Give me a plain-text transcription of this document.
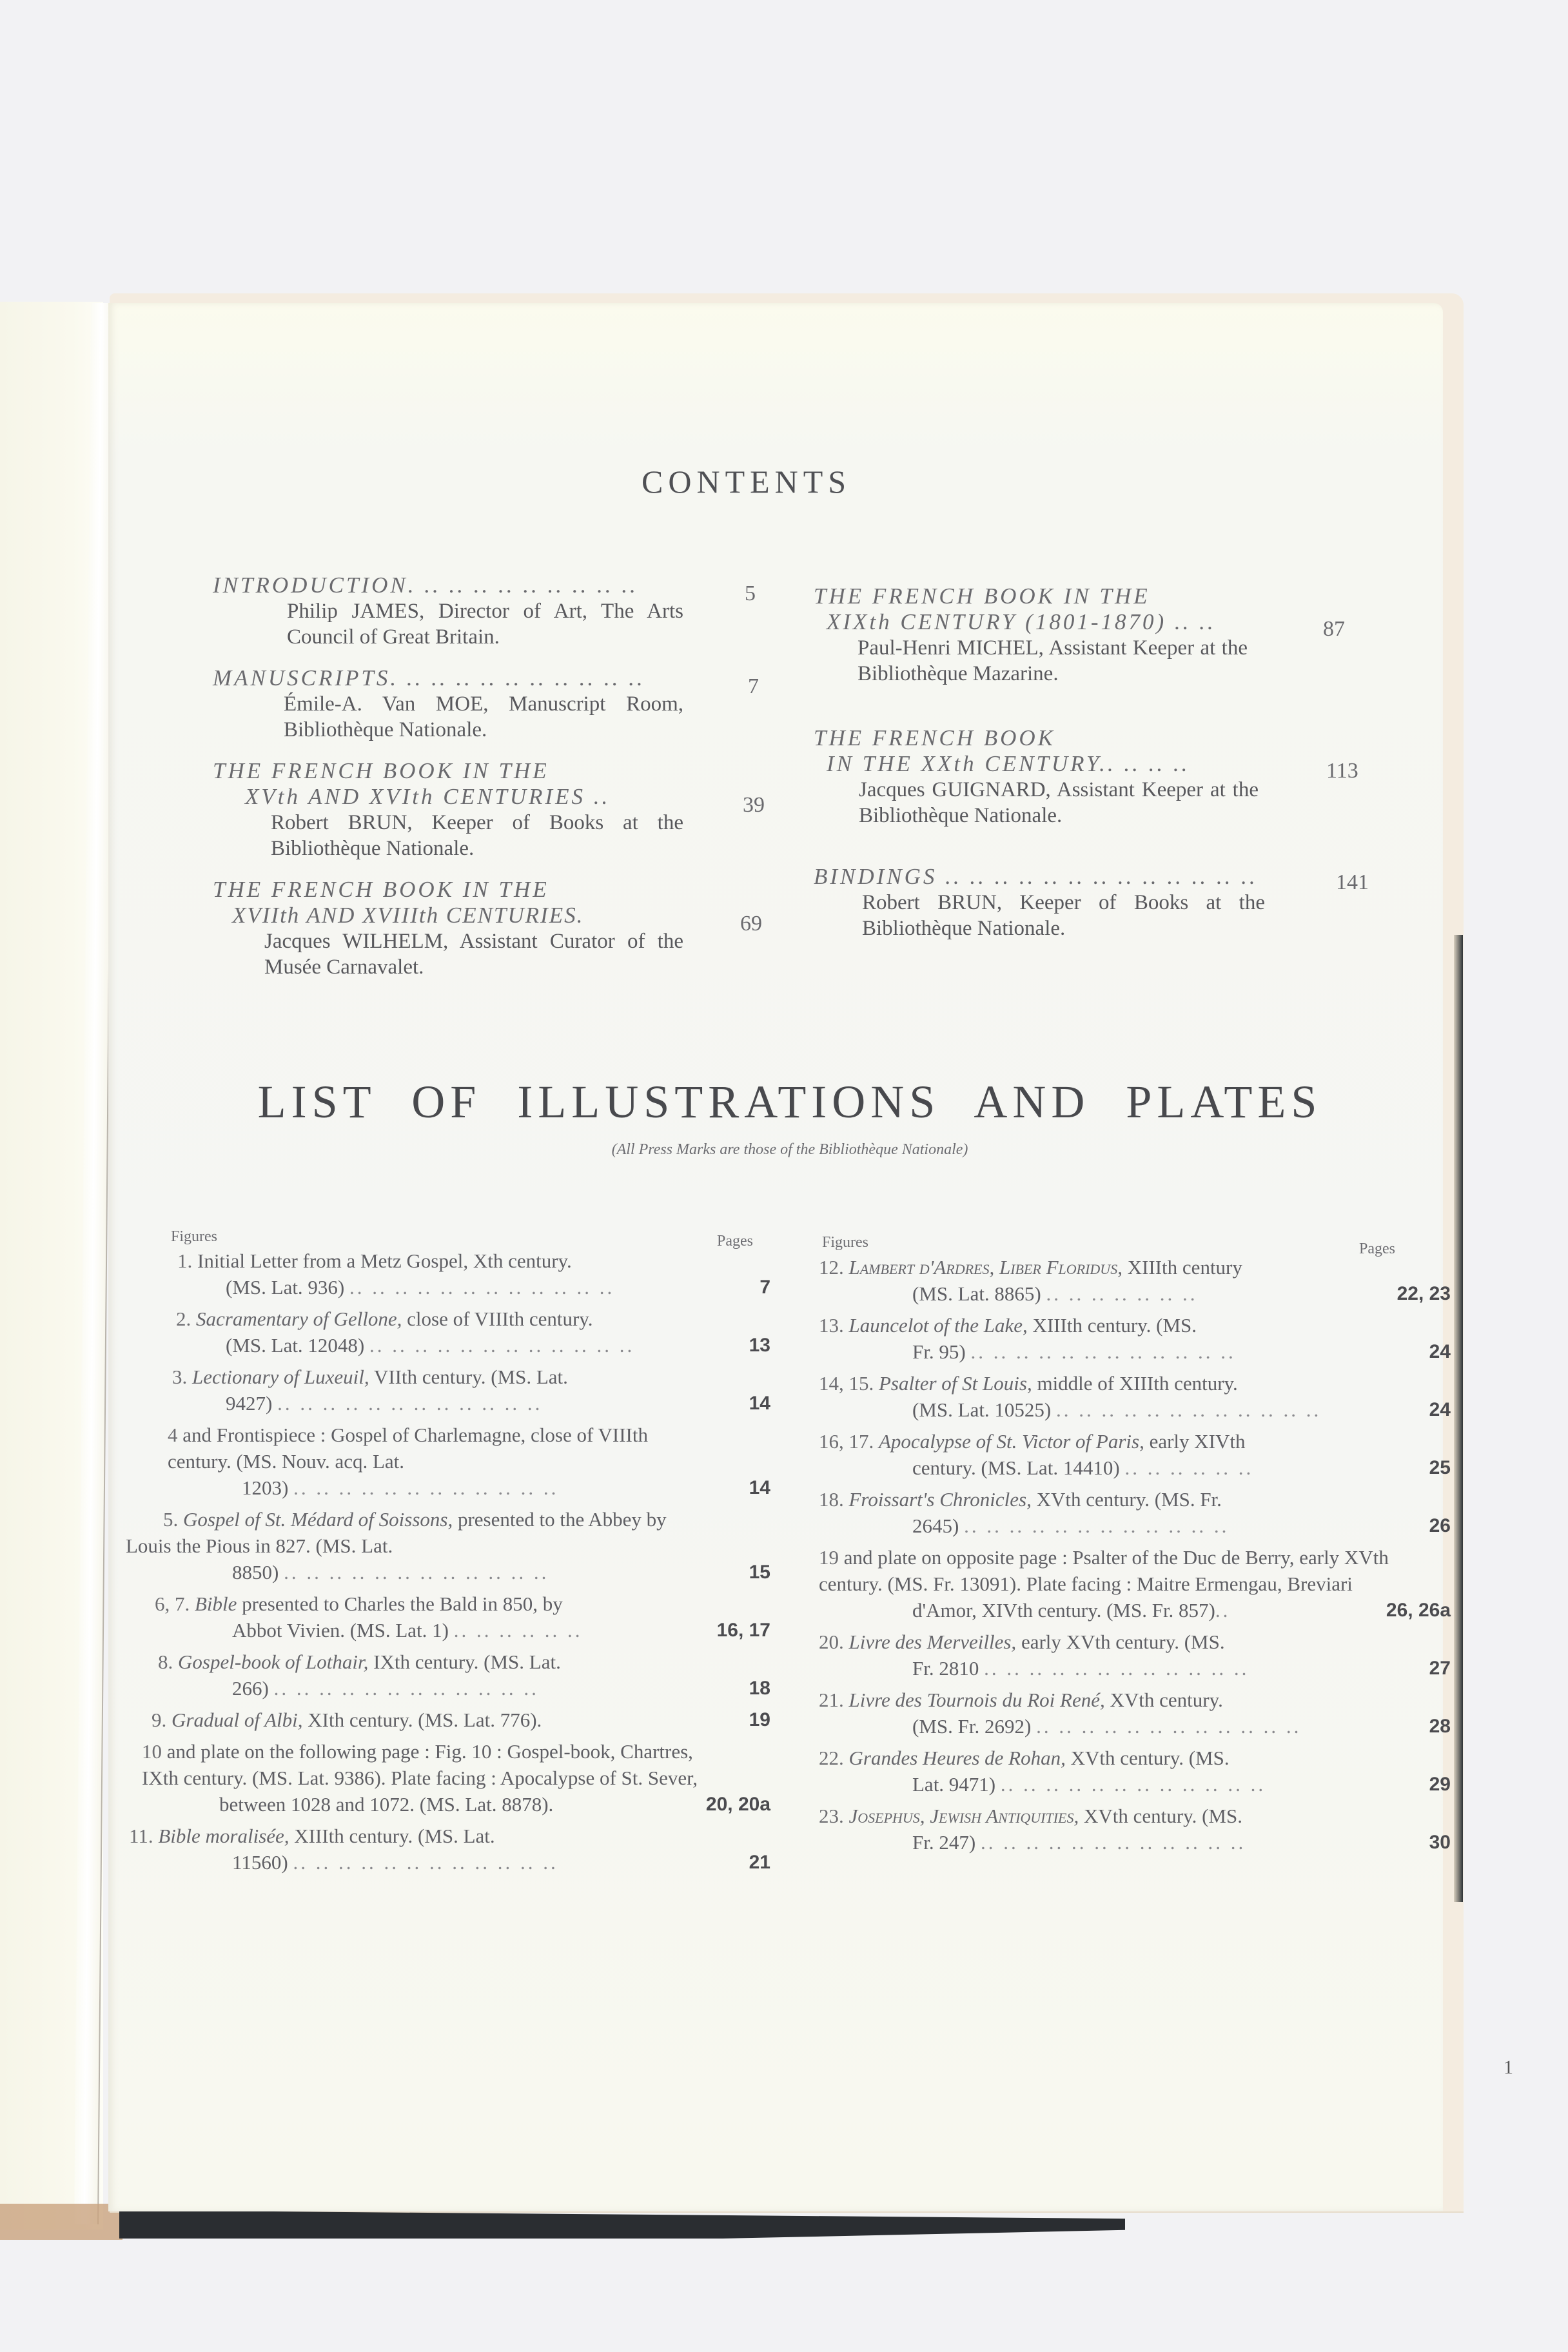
CONTENTS
INTRODUCTION. .. .. .. .. .. .. .. .. ..
Philip JAMES, Director of Art, The Arts Council of Great Britain.
5
MANUSCRIPTS. .. .. .. .. .. .. .. .. .. ..
Émile-A. Van MOE, Manuscript Room, Bibliothèque Nationale.
7
THE FRENCH BOOK IN THE
XVth AND XVIth CENTURIES ..
Robert BRUN, Keeper of Books at the Bibliothèque Nationale.
39
THE FRENCH BOOK IN THE
XVIIth AND XVIIIth CENTURIES.
Jacques WILHELM, Assistant Curator of the Musée Carnavalet.
69
THE FRENCH BOOK IN THE
XIXth CENTURY (1801-1870) .. ..
Paul-Henri MICHEL, Assistant Keeper at the Bibliothèque Mazarine.
87
THE FRENCH BOOK
IN THE XXth CENTURY.. .. .. ..
Jacques GUIGNARD, Assistant Keeper at the Bibliothèque Nationale.
113
BINDINGS .. .. .. .. .. .. .. .. .. .. .. .. ..
Robert BRUN, Keeper of Books at the Bibliothèque Nationale.
141
LIST OF ILLUSTRATIONS AND PLATES
(All Press Marks are those of the Bibliothèque Nationale)
Figures	Pages	Figures	Pages
1. Initial Letter from a Metz Gospel, Xth century.
(MS. Lat. 936) .. .. .. .. .. .. .. .. .. .. .. ..	7
2. Sacramentary of Gellone, close of VIIIth century.
(MS. Lat. 12048) .. .. .. .. .. .. .. .. .. .. .. ..	13
3. Lectionary of Luxeuil, VIIth century. (MS. Lat.
9427) .. .. .. .. .. .. .. .. .. .. .. ..	14
4 and Frontispiece : Gospel of Charlemagne, close of VIIIth century. (MS. Nouv. acq. Lat.
1203) .. .. .. .. .. .. .. .. .. .. .. ..	14
5. Gospel of St. Médard of Soissons, presented to the Abbey by Louis the Pious in 827. (MS. Lat.
8850) .. .. .. .. .. .. .. .. .. .. .. ..	15
6, 7. Bible presented to Charles the Bald in 850, by
Abbot Vivien. (MS. Lat. 1) .. .. .. .. .. ..	16, 17
8. Gospel-book of Lothair, IXth century. (MS. Lat.
266) .. .. .. .. .. .. .. .. .. .. .. ..	18
9. Gradual of Albi, XIth century. (MS. Lat. 776).	19
10 and plate on the following page : Fig. 10 : Gospel-book, Chartres, IXth century. (MS. Lat. 9386). Plate facing : Apocalypse of St. Sever,
between 1028 and 1072. (MS. Lat. 8878).	20, 20a
11. Bible moralisée, XIIIth century. (MS. Lat.
11560) .. .. .. .. .. .. .. .. .. .. .. ..	21
12. Lambert d'Ardres, Liber Floridus, XIIIth century
(MS. Lat. 8865) .. .. .. .. .. .. ..	22, 23
13. Launcelot of the Lake, XIIIth century. (MS.
Fr. 95) .. .. .. .. .. .. .. .. .. .. .. ..	24
14, 15. Psalter of St Louis, middle of XIIIth century.
(MS. Lat. 10525) .. .. .. .. .. .. .. .. .. .. .. ..	24
16, 17. Apocalypse of St. Victor of Paris, early XIVth
century. (MS. Lat. 14410) .. .. .. .. .. ..	25
18. Froissart's Chronicles, XVth century. (MS. Fr.
2645) .. .. .. .. .. .. .. .. .. .. .. ..	26
19 and plate on opposite page : Psalter of the Duc de Berry, early XVth century. (MS. Fr. 13091). Plate facing : Maitre Ermengau, Breviari
d'Amor, XIVth century. (MS. Fr. 857)..	26, 26a
20. Livre des Merveilles, early XVth century. (MS.
Fr. 2810 .. .. .. .. .. .. .. .. .. .. .. ..	27
21. Livre des Tournois du Roi René, XVth century.
(MS. Fr. 2692) .. .. .. .. .. .. .. .. .. .. .. ..	28
22. Grandes Heures de Rohan, XVth century. (MS.
Lat. 9471) .. .. .. .. .. .. .. .. .. .. .. ..	29
23. Josephus, Jewish Antiquities, XVth century. (MS.
Fr. 247) .. .. .. .. .. .. .. .. .. .. .. ..	30
1
